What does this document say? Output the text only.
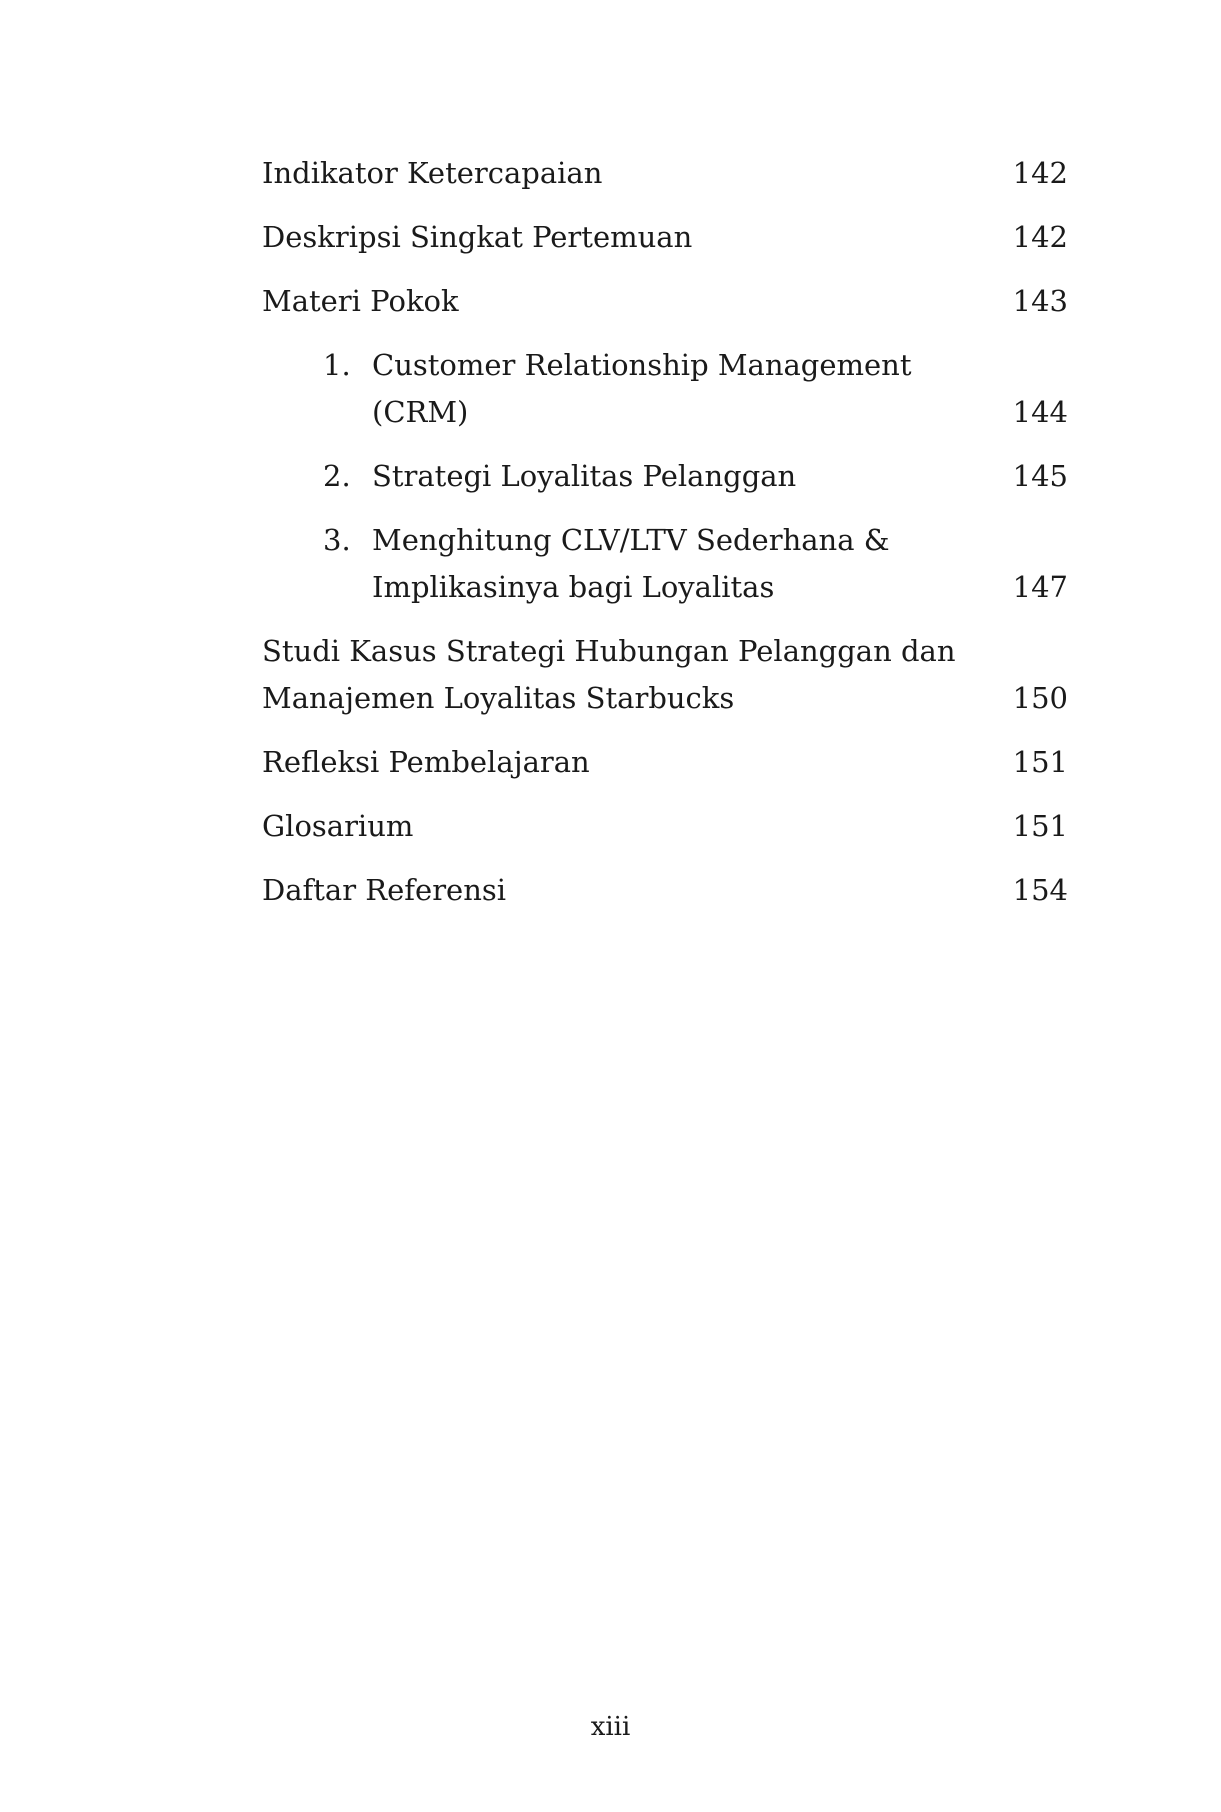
Indikator Ketercapaian	142
Deskripsi Singkat Pertemuan	142
Materi Pokok	143
1. Customer Relationship Management (CRM)	144
2. Strategi Loyalitas Pelanggan	145
3. Menghitung CLV/LTV Sederhana &
Implikasinya bagi Loyalitas	147
Studi Kasus Strategi Hubungan Pelanggan dan
Manajemen Loyalitas Starbucks	150
Refleksi Pembelajaran	151
Glosarium	151
Daftar Referensi	154
xiii
